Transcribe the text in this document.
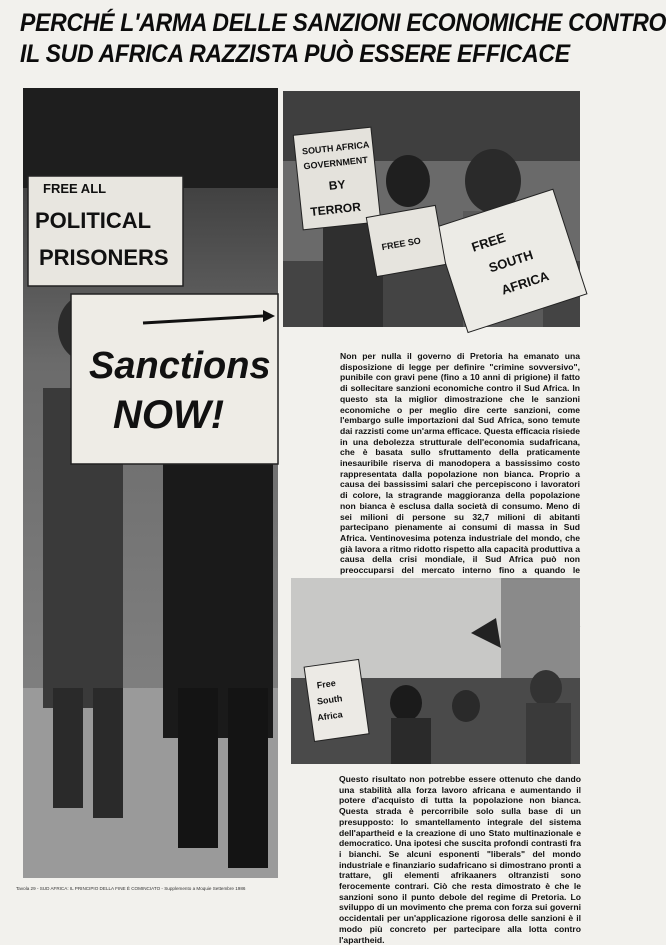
PERCHÉ L'ARMA DELLE SANZIONI ECONOMICHE CONTRO
IL SUD AFRICA RAZZISTA PUÒ ESSERE EFFICACE
FREE ALL
POLITICAL
PRISONERS
Sanctions
NOW!
SOUTH AFRICA
GOVERNMENT
BY
TERROR
FREE
SOUTH
AFRICA
FREE SO
Non per nulla il governo di Pretoria ha emanato una disposizione di legge per definire "crimine sovversivo", punibile con gravi pene (fino a 10 anni di prigione) il fatto di sollecitare sanzioni economiche contro il Sud Africa. In questo sta la miglior dimostrazione che le sanzioni economiche o per meglio dire certe sanzioni, come l'embargo sulle importazioni dal Sud Africa, sono temute dai razzisti come un'arma efficace. Questa efficacia risiede in una debolezza strutturale dell'economia sudafricana, che è basata sullo sfruttamento della praticamente inesauribile riserva di manodopera a bassissimo costo rappresentata dalla popolazione non bianca. Proprio a causa dei bassissimi salari che percepiscono i lavoratori di colore, la stragrande maggioranza della popolazione non bianca è esclusa dalla società di consumo. Meno di sei milioni di persone su 32,7 milioni di abitanti partecipano pienamente ai consumi di massa in Sud Africa. Ventinovesima potenza industriale del mondo, che già lavora a ritmo ridotto rispetto alla capacità produttiva a causa della crisi mondiale, il Sud Africa può non preoccuparsi del mercato interno fino a quando le
Free
South
Africa
Questo risultato non potrebbe essere ottenuto che dando una stabilità alla forza lavoro africana e aumentando il potere d'acquisto di tutta la popolazione non bianca. Questa strada è percorribile solo sulla base di un presupposto: lo smantellamento integrale del sistema dell'apartheid e la creazione di uno Stato multinazionale e democratico. Una ipotesi che suscita profondi contrasti fra i bianchi. Se alcuni esponenti "liberals" del mondo industriale e finanziario sudafricano si dimostrano pronti a trattare, gli elementi afrikaaners oltranzisti sono ferocemente contrari. Ciò che resta dimostrato è che le sanzioni sono il punto debole del regime di Pretoria. Lo sviluppo di un movimento che prema con forza sui governi occidentali per un'applicazione rigorosa delle sanzioni è il modo più concreto per partecipare alla lotta contro l'apartheid.
Tavola 29 - SUD AFRICA: IL PRINCIPIO DELLA FINE È COMINCIATO - Supplemento a Moquie Settembre 1986
